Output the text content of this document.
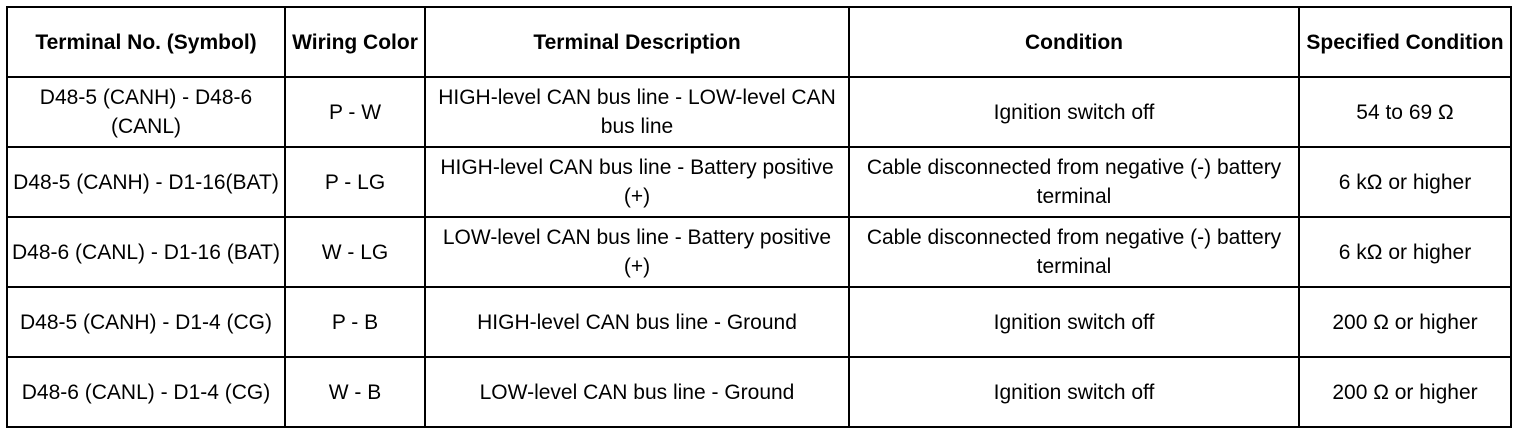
Terminal No. (Symbol)	Wiring Color	Terminal Description	Condition	Specified Condition
D48-5 (CANH) - D48-6 (CANL)	P - W	HIGH-level CAN bus line - LOW-level CAN bus line	Ignition switch off	54 to 69 Ω
D48-5 (CANH) - D1-16(BAT)	P - LG	HIGH-level CAN bus line - Battery positive (+)	Cable disconnected from negative (-) battery terminal	6 kΩ or higher
D48-6 (CANL) - D1-16 (BAT)	W - LG	LOW-level CAN bus line - Battery positive (+)	Cable disconnected from negative (-) battery terminal	6 kΩ or higher
D48-5 (CANH) - D1-4 (CG)	P - B	HIGH-level CAN bus line - Ground	Ignition switch off	200 Ω or higher
D48-6 (CANL) - D1-4 (CG)	W - B	LOW-level CAN bus line - Ground	Ignition switch off	200 Ω or higher
